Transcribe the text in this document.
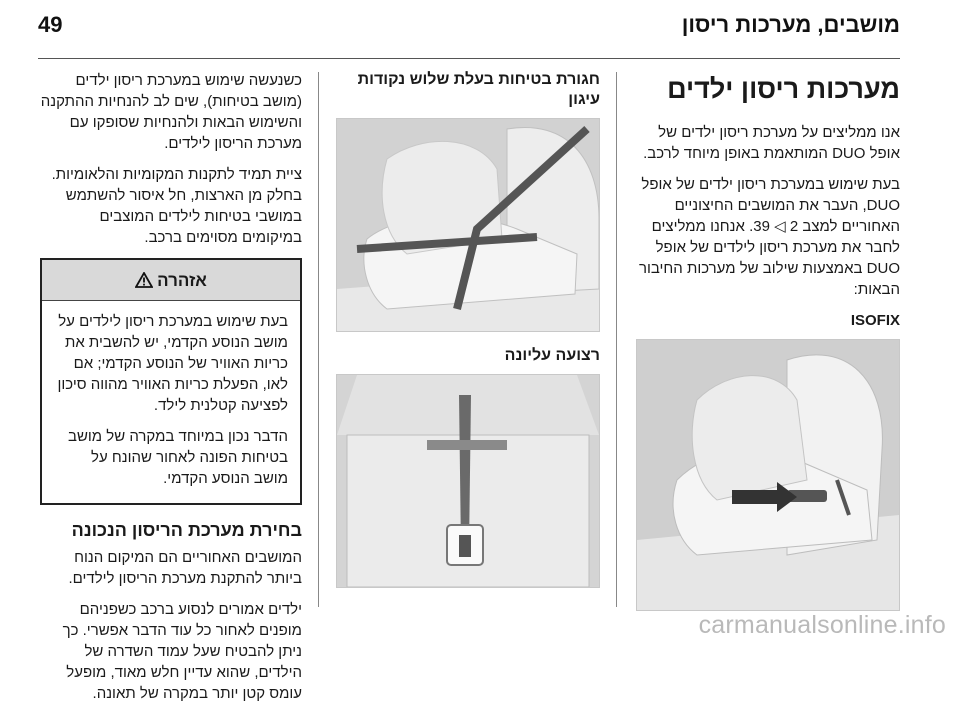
מושבים, מערכות ריסון
49
מערכות ריסון ילדים

אנו ממליצים על מערכת ריסון ילדים של אופל DUO המותאמת באופן מיוחד לרכב.

בעת שימוש במערכת ריסון ילדים של אופל DUO, העבר את המושבים החיצוניים האחוריים למצב 2 ◁ 39. אנחנו ממליצים לחבר את מערכת ריסון לילדים של אופל DUO באמצעות שילוב של מערכות החיבור הבאות:

ISOFIX
חגורת בטיחות בעלת שלוש נקודות עיגון
רצועה עליונה

כשנעשה שימוש במערכת ריסון ילדים (מושב בטיחות), שים לב להנחיות ההתקנה והשימוש הבאות ולהנחיות שסופקו עם מערכת הריסון לילדים.

ציית תמיד לתקנות המקומיות והלאומיות. בחלק מן הארצות, חל איסור להשתמש במושבי בטיחות לילדים המוצבים במיקומים מסוימים ברכב.

אזהרה

בעת שימוש במערכת ריסון לילדים על מושב הנוסע הקדמי, יש להשבית את כריות האוויר של הנוסע הקדמי; אם לאו, הפעלת כריות האוויר מהווה סיכון לפציעה קטלנית לילד.

הדבר נכון במיוחד במקרה של מושב בטיחות הפונה לאחור שהונח על מושב הנוסע הקדמי.

בחירת מערכת הריסון הנכונה

המושבים האחוריים הם המיקום הנוח ביותר להתקנת מערכת הריסון לילדים.

ילדים אמורים לנסוע ברכב כשפניהם מופנים לאחור כל עוד הדבר אפשרי. כך ניתן להבטיח שעל עמוד השדרה של הילדים, שהוא עדיין חלש מאוד, מופעל עומס קטן יותר במקרה של תאונה.

carmanualsonline.info
